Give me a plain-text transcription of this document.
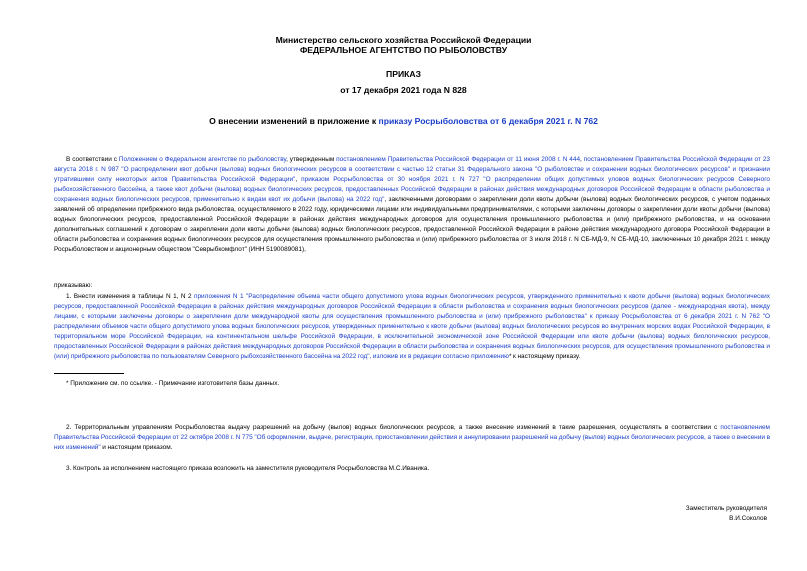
Министерство сельского хозяйства Российской Федерации
ФЕДЕРАЛЬНОЕ АГЕНТСТВО ПО РЫБОЛОВСТВУ
ПРИКАЗ
от 17 декабря 2021 года N 828
О внесении изменений в приложение к приказу Росрыболовства от 6 декабря 2021 г. N 762
В соответствии с Положением о Федеральном агентстве по рыболовству, утвержденным постановлением Правительства Российской Федерации от 11 июня 2008 г. N 444, постановлением Правительства Российской Федерации от 23 августа 2018 г. N 987 "О распределении квот добычи (вылова) водных биологических ресурсов в соответствии с частью 12 статьи 31 Федерального закона "О рыболовстве и сохранении водных биологических ресурсов" и признании утратившими силу некоторых актов Правительства Российской Федерации", приказом Росрыболовства от 30 ноября 2021 г. N 727 "О распределении общих допустимых уловов водных биологических ресурсов Северного рыбохозяйственного бассейна, а также квот добычи (вылова) водных биологических ресурсов, предоставленных Российской Федерации в районах действия международных договоров Российской Федерации в области рыболовства и сохранения водных биологических ресурсов, применительно к видам квот их добычи (вылова) на 2022 год", заключенными договорами о закреплении доли квоты добычи (вылова) водных биологических ресурсов, с учетом поданных заявлений об определении прибрежного вида рыболовства, осуществляемого в 2022 году, юридическими лицами или индивидуальными предпринимателями, с которыми заключены договоры о закреплении доли квоты добычи (вылова) водных биологических ресурсов, предоставленной Российской Федерации в районах действия международных договоров для осуществления промышленного рыболовства и (или) прибрежного рыболовства, и на основании дополнительных соглашений к договорам о закреплении доли квоты добычи (вылова) водных биологических ресурсов, предоставленной Российской Федерации в районе действия международного договора Российской Федерации в области рыболовства и сохранения водных биологических ресурсов для осуществления промышленного рыболовства и (или) прибрежного рыболовства от 3 июля 2018 г. N СБ-МД-9, N СБ-МД-10, заключенных 10 декабря 2021 г. между Росрыболовством и акционерным обществом "Севрыбкомфлот" (ИНН 5190089081),
приказываю:
1. Внести изменения в таблицы N 1, N 2 приложения N 1 "Распределение объема части общего допустимого улова водных биологических ресурсов, утвержденного применительно к квоте добычи (вылова) водных биологических ресурсов, предоставленной Российской Федерации в районах действия международных договоров Российской Федерации в области рыболовства и сохранения водных биологических ресурсов (далее - международная квота), между лицами, с которыми заключены договоры о закреплении доли международной квоты для осуществления промышленного рыболовства и (или) прибрежного рыболовства" к приказу Росрыболовства от 6 декабря 2021 г. N 762 "О распределении объемов части общего допустимого улова водных биологических ресурсов, утвержденных применительно к квоте добычи (вылова) водных биологических ресурсов во внутренних морских водах Российской Федерации, в территориальном море Российской Федерации, на континентальном шельфе Российской Федерации, в исключительной экономической зоне Российской Федерации или квоте добычи (вылова) водных биологических ресурсов, предоставленных Российской Федерации в районах действия международных договоров Российской Федерации в области рыболовства и сохранения водных биологических ресурсов, для осуществления промышленного рыболовства и (или) прибрежного рыболовства по пользователям Северного рыбохозяйственного бассейна на 2022 год", изложив их в редакции согласно приложению* к настоящему приказу.
* Приложение см. по ссылке. - Примечание изготовителя базы данных.
2. Территориальным управлениям Росрыболовства выдачу разрешений на добычу (вылов) водных биологических ресурсов, а также внесение изменений в такие разрешения, осуществлять в соответствии с постановлением Правительства Российской Федерации от 22 октября 2008 г. N 775 "Об оформлении, выдаче, регистрации, приостановлении действия и аннулировании разрешений на добычу (вылов) водных биологических ресурсов, а также о внесении в них изменений" и настоящим приказом.
3. Контроль за исполнением настоящего приказа возложить на заместителя руководителя Росрыболовства М.С.Иваника.
Заместитель руководителя
В.И.Соколов
